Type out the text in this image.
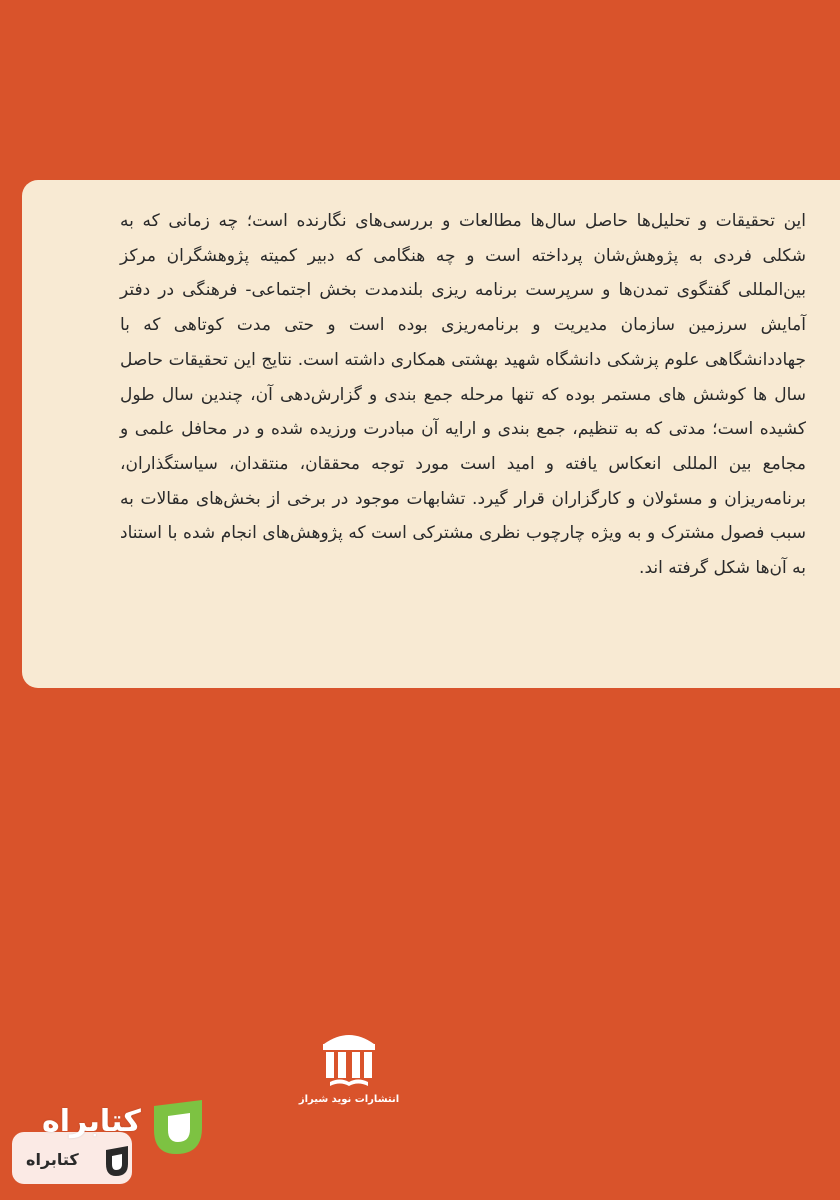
این تحقیقات و تحلیل‌ها حاصل سال‌ها مطالعات و بررسی‌های نگارنده است؛ چه زمانی که به شکلی فردی به پژوهش‌شان پرداخته است و چه هنگامی که دبیر کمیته پژوهشگران مرکز بین‌المللی گفتگوی تمدن‌ها و سرپرست برنامه ریزی بلندمدت بخش اجتماعی- فرهنگی در دفتر آمایش سرزمین سازمان مدیریت و برنامه‌ریزی بوده است و حتی مدت کوتاهی که با جهاددانشگاهی علوم پزشکی دانشگاه شهید بهشتی همکاری داشته است. نتایج این تحقیقات حاصل سال ها کوشش های مستمر بوده که تنها مرحله جمع بندی و گزارش‌دهی آن، چندین سال طول کشیده است؛ مدتی که به تنظیم، جمع بندی و ارایه آن مبادرت ورزیده شده و در محافل علمی و مجامع بین المللی انعکاس یافته و امید است مورد توجه محققان، منتقدان، سیاستگذاران، برنامه‌ریزان و مسئولان و کارگزاران قرار گیرد. تشابهات موجود در برخی از بخش‌های مقالات به سبب فصول مشترک و به ویژه چارچوب نظری مشترکی است که پژوهش‌های انجام شده با استناد به آن‌ها شکل گرفته اند.

انتشارات نوید شیراز
کتابراه
کتابراه
